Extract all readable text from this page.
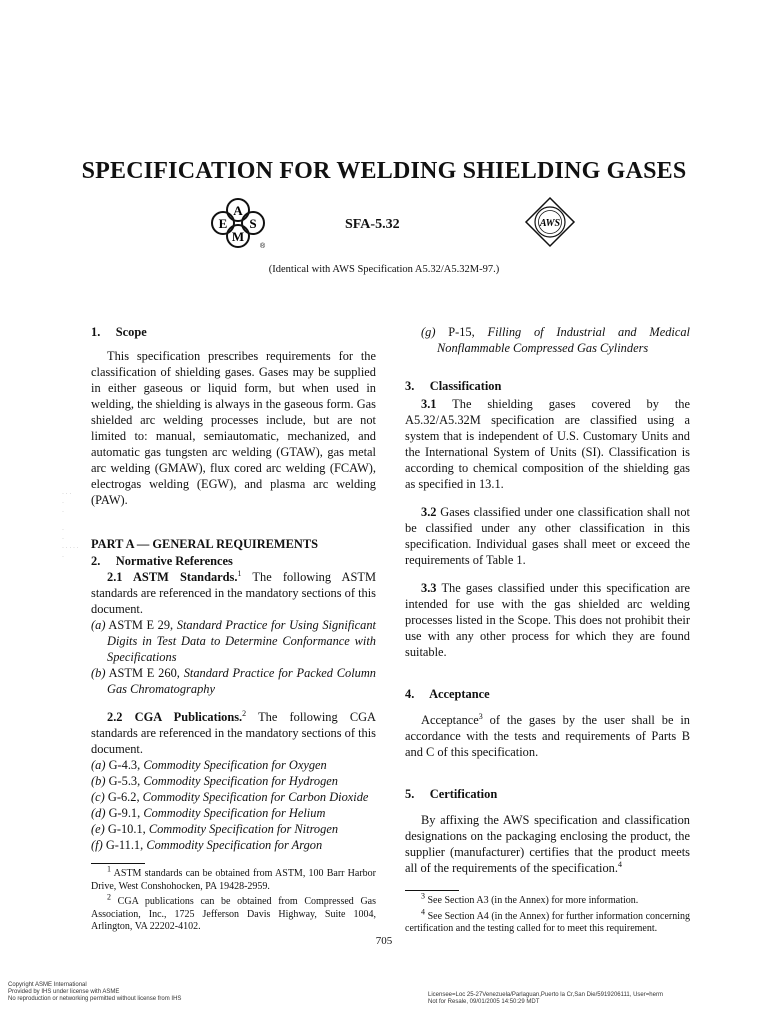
SPECIFICATION FOR WELDING SHIELDING GASES
A
E S
M
®
SFA-5.32	AWS
(Identical with AWS Specification A5.32/A5.32M-97.)
· · ·
·
·

·
·
· · · · ·
·

1.     Scope

This specification prescribes requirements for the classification of shielding gases. Gases may be supplied in either gaseous or liquid form, but when used in welding, the shielding is always in the gaseous form. Gas shielded arc welding processes include, but are not limited to: manual, semiautomatic, mechanized, and automatic gas tungsten arc welding (GTAW), gas metal arc welding (GMAW), flux cored arc welding (FCAW), electrogas welding (EGW), and plasma arc welding (PAW).

PART A — GENERAL REQUIREMENTS

2.     Normative References

2.1 ASTM Standards.$^1$ The following ASTM standards are referenced in the mandatory sections of this document.

(a) ASTM E 29, Standard Practice for Using Significant Digits in Test Data to Determine Conformance with Specifications

(b) ASTM E 260, Standard Practice for Packed Column Gas Chromatography

2.2 CGA Publications.$^2$ The following CGA standards are referenced in the mandatory sections of this document.

(a) G-4.3, Commodity Specification for Oxygen

(b) G-5.3, Commodity Specification for Hydrogen

(c) G-6.2, Commodity Specification for Carbon Dioxide

(d) G-9.1, Commodity Specification for Helium

(e) G-10.1, Commodity Specification for Nitrogen

(f) G-11.1, Commodity Specification for Argon

$^1$ ASTM standards can be obtained from ASTM, 100 Barr Harbor Drive, West Conshohocken, PA 19428-2959.

$^2$ CGA publications can be obtained from Compressed Gas Association, Inc., 1725 Jefferson Davis Highway, Suite 1004, Arlington, VA 22202-4102.

(g) P-15, Filling of Industrial and Medical Nonflammable Compressed Gas Cylinders

3.     Classification

3.1 The shielding gases covered by the A5.32/A5.32M specification are classified using a system that is independent of U.S. Customary Units and the International System of Units (SI). Classification is according to chemical composition of the shielding gas as specified in 13.1.

3.2 Gases classified under one classification shall not be classified under any other classification in this specification. Individual gases shall meet or exceed the requirements of Table 1.

3.3 The gases classified under this specification are intended for use with the gas shielded arc welding processes listed in the Scope. This does not prohibit their use with any other process for which they are found suitable.

4.     Acceptance

Acceptance$^3$ of the gases by the user shall be in accordance with the tests and requirements of Parts B and C of this specification.

5.     Certification

By affixing the AWS specification and classification designations on the packaging enclosing the product, the supplier (manufacturer) certifies that the product meets all of the requirements of the specification.$^4$

$^3$ See Section A3 (in the Annex) for more information.

$^4$ See Section A4 (in the Annex) for further information concerning certification and the testing called for to meet this requirement.

705
Copyright ASME International
Provided by IHS under license with ASME
No reproduction or networking permitted without license from IHS
Licensee=Loc 25-27Venezuela/Parlaguan,Puerto la Cr,San Die/5919206111, User=herm
Not for Resale, 09/01/2005 14:50:29 MDT
